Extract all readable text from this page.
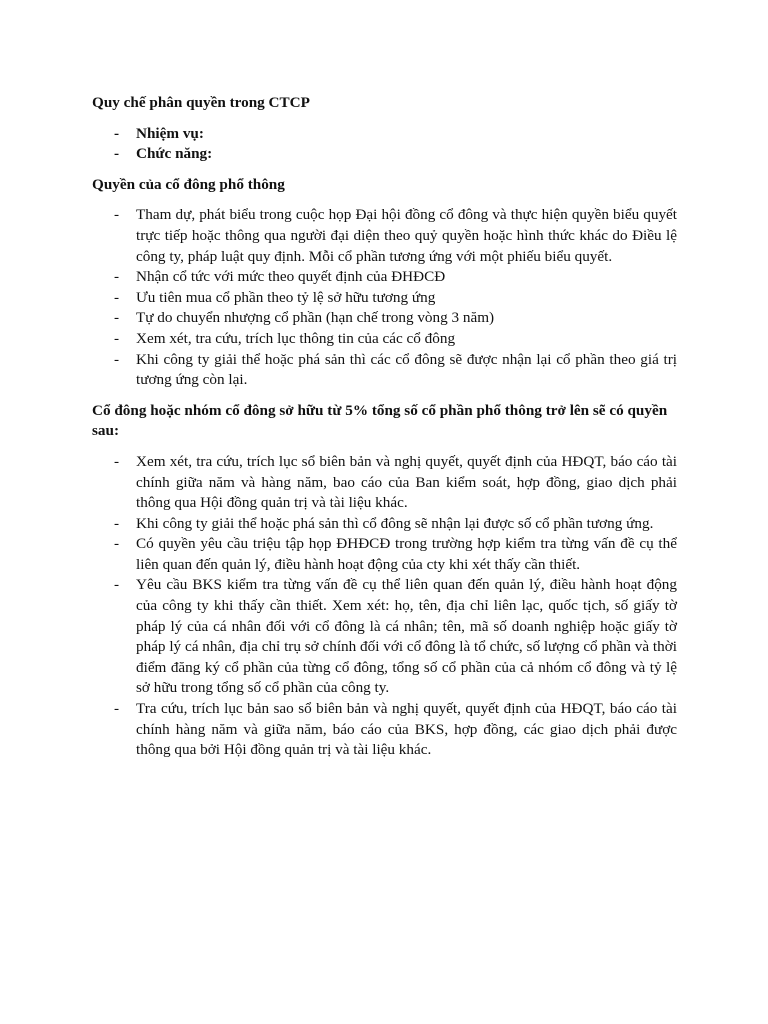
Quy chế phân quyền trong CTCP

- Nhiệm vụ:
- Chức năng:

Quyền của cổ đông phổ thông

- Tham dự, phát biểu trong cuộc họp Đại hội đồng cổ đông và thực hiện quyền biểu quyết trực tiếp hoặc thông qua người đại diện theo quỷ quyền hoặc hình thức khác do Điều lệ công ty, pháp luật quy định. Mỗi cổ phần tương ứng với một phiếu biểu quyết.
- Nhận cổ tức với mức theo quyết định của ĐHĐCĐ
- Ưu tiên mua cổ phần theo tỷ lệ sở hữu tương ứng
- Tự do chuyển nhượng cổ phần (hạn chế trong vòng 3 năm)
- Xem xét, tra cứu, trích lục thông tin của các cổ đông
- Khi công ty giải thể hoặc phá sản thì các cổ đông sẽ được nhận lại cổ phần theo giá trị tương ứng còn lại.

Cổ đông hoặc nhóm cổ đông sở hữu từ 5% tổng số cổ phần phổ thông trở lên sẽ có quyền sau:

- Xem xét, tra cứu, trích lục sổ biên bản và nghị quyết, quyết định của HĐQT, báo cáo tài chính giữa năm và hàng năm, bao cáo của Ban kiểm soát, hợp đồng, giao dịch phải thông qua Hội đồng quản trị và tài liệu khác.
- Khi công ty giải thể hoặc phá sản thì cổ đông sẽ nhận lại được số cổ phần tương ứng.
- Có quyền yêu cầu triệu tập họp ĐHĐCĐ trong trường hợp kiểm tra từng vấn đề cụ thể liên quan đến quản lý, điều hành hoạt động của cty khi xét thấy cần thiết.
- Yêu cầu BKS kiểm tra từng vấn đề cụ thể liên quan đến quản lý, điều hành hoạt động của công ty khi thấy cần thiết. Xem xét: họ, tên, địa chỉ liên lạc, quốc tịch, số giấy tờ pháp lý của cá nhân đối với cổ đông là cá nhân; tên, mã số doanh nghiệp hoặc giấy tờ pháp lý cá nhân, địa chỉ trụ sở chính đối với cổ đông là tổ chức, số lượng cổ phần và thời điểm đăng ký cổ phần của từng cổ đông, tổng số cổ phần của cả nhóm cổ đông và tỷ lệ sở hữu trong tổng số cổ phần của công ty.
- Tra cứu, trích lục bản sao sổ biên bản và nghị quyết, quyết định của HĐQT, báo cáo tài chính hàng năm và giữa năm, báo cáo của BKS, hợp đồng, các giao dịch phải được thông qua bởi Hội đồng quản trị và tài liệu khác.
